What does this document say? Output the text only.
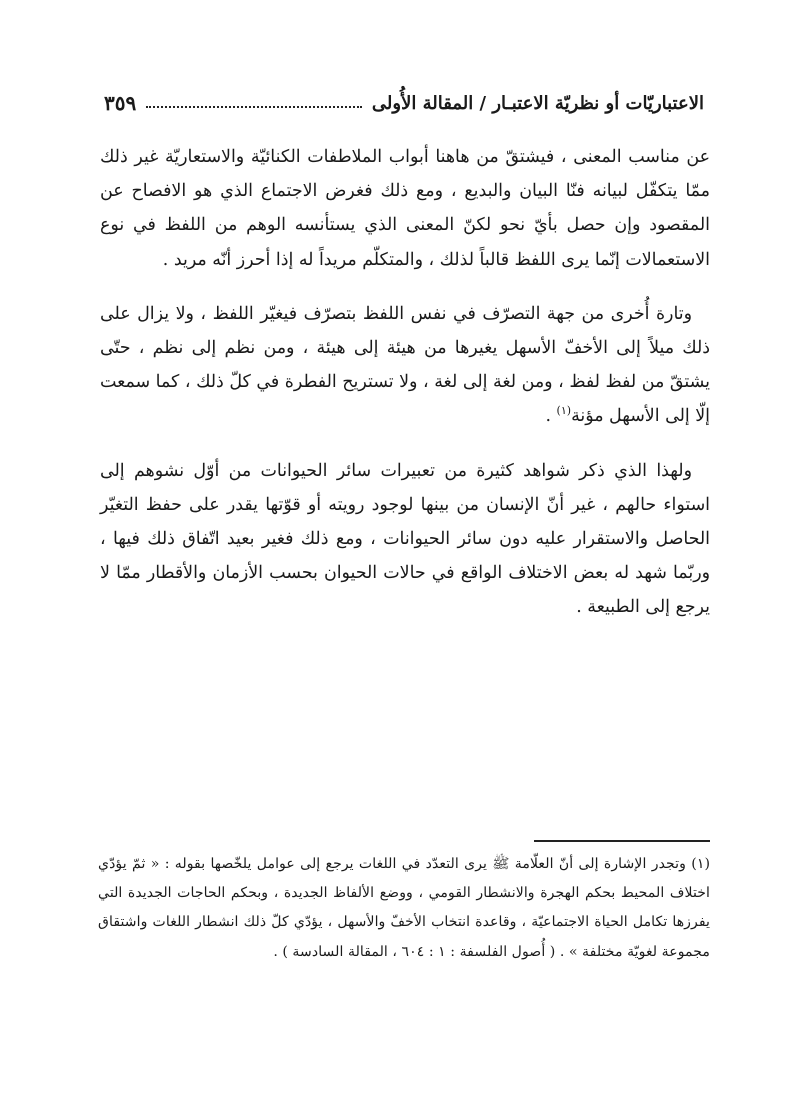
الاعتباريّات أو نظريّة الاعتبـار / المقالة الأُولى
٣٥٩

عن مناسب المعنى ، فيشتقّ من هاهنا أبواب الملاطفات الكنائيّة والاستعاريّة غير ذلك ممّا يتكفّل لبيانه فنّا البيان والبديع ، ومع ذلك فغرض الاجتماع الذي هو الافصاح عن المقصود وإن حصل بأيّ نحو لكنّ المعنى الذي يستأنسه الوهم من اللفظ في نوع الاستعمالات إنّما يرى اللفظ قالباً لذلك ، والمتكلّم مريداً له إذا أحرز أنّه مريد .

وتارة أُخرى من جهة التصرّف في نفس اللفظ بتصرّف فيغيّر اللفظ ، ولا يزال على ذلك ميلاً إلى الأخفّ الأسهل يغيرها من هيئة إلى هيئة ، ومن نظم إلى نظم ، حتّى يشتقّ من لفظ لفظ ، ومن لغة إلى لغة ، ولا تستريح الفطرة في كلّ ذلك ، كما سمعت إلّا إلى الأسهل مؤنة$^{(١)}$ .

ولهذا الذي ذكر شواهد كثيرة من تعبيرات سائر الحيوانات من أوّل نشوهم إلى استواء حالهم ، غير أنّ الإنسان من بينها لوجود رويته أو قوّتها يقدر على حفظ التغيّر الحاصل والاستقرار عليه دون سائر الحيوانات ، ومع ذلك فغير بعيد اتّفاق ذلك فيها ، وربّما شهد له بعض الاختلاف الواقع في حالات الحيوان بحسب الأزمان والأقطار ممّا لا يرجع إلى الطبيعة .

(١) وتجدر الإشارة إلى أنّ العلّامة ﷺ يرى التعدّد في اللغات يرجع إلى عوامل يلخّصها بقوله : « ثمّ يؤدّي اختلاف المحيط بحكم الهجرة والانشطار القومي ، ووضع الألفاظ الجديدة ، وبحكم الحاجات الجديدة التي يفرزها تكامل الحياة الاجتماعيّة ، وقاعدة انتخاب الأخفّ والأسهل ، يؤدّي كلّ ذلك انشطار اللغات واشتقاق مجموعة لغويّة مختلفة » . ( أُصول الفلسفة : ١ : ٦٠٤ ، المقالة السادسة ) .
